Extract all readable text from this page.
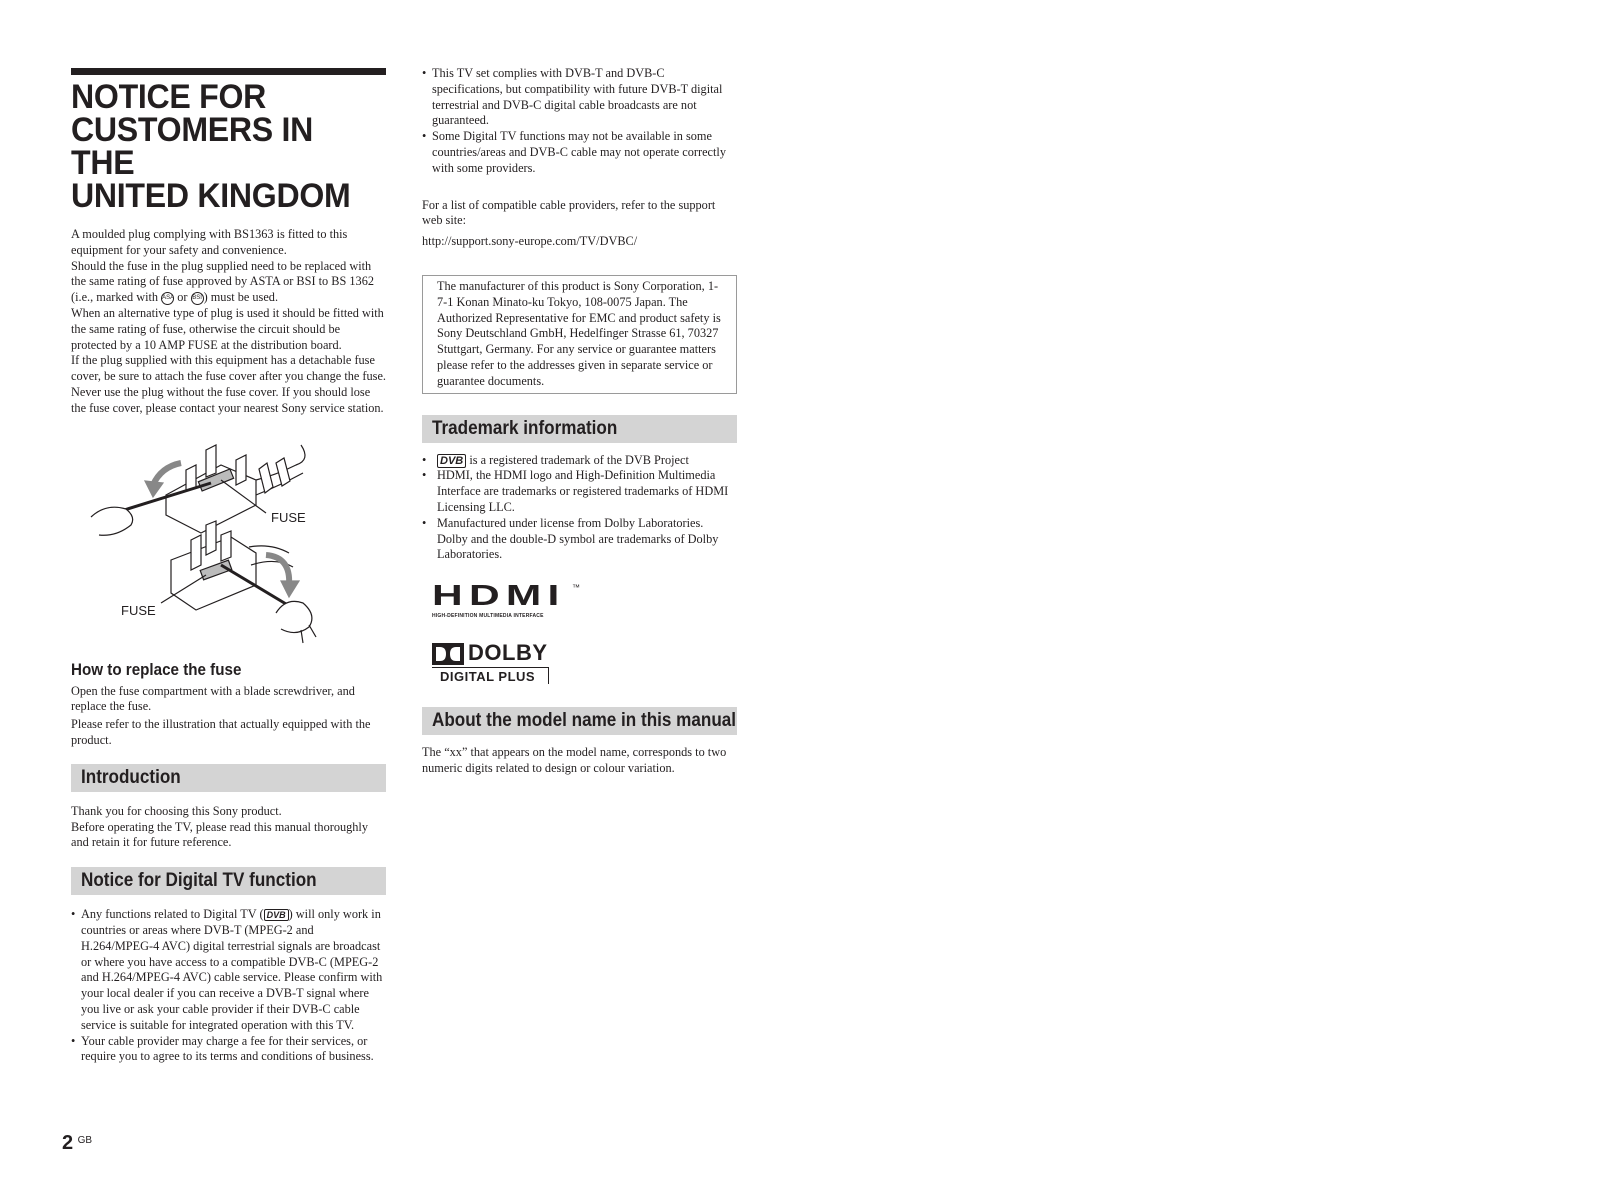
NOTICE FOR
CUSTOMERS IN THE
UNITED KINGDOM

A moulded plug complying with BS1363 is fitted to this equipment for your safety and convenience.

Should the fuse in the plug supplied need to be replaced with the same rating of fuse approved by ASTA or BSI to BS 1362 (i.e., marked with ASA or BSI ) must be used.

When an alternative type of plug is used it should be fitted with the same rating of fuse, otherwise the circuit should be protected by a 10 AMP FUSE at the distribution board.

If the plug supplied with this equipment has a detachable fuse cover, be sure to attach the fuse cover after you change the fuse. Never use the plug without the fuse cover. If you should lose the fuse cover, please contact your nearest Sony service station.

FUSE
FUSE
How to replace the fuse

Open the fuse compartment with a blade screwdriver, and replace the fuse.

Please refer to the illustration that actually equipped with the product.

Introduction

Thank you for choosing this Sony product.

Before operating the TV, please read this manual thoroughly and retain it for future reference.

Notice for Digital TV function
• Any functions related to Digital TV ( DVB ) will only work in countries or areas where DVB-T (MPEG-2 and H.264/MPEG-4 AVC) digital terrestrial signals are broadcast or where you have access to a compatible DVB-C (MPEG-2 and H.264/MPEG-4 AVC) cable service. Please confirm with your local dealer if you can receive a DVB-T signal where you live or ask your cable provider if their DVB-C cable service is suitable for integrated operation with this TV.
• Your cable provider may charge a fee for their services, or require you to agree to its terms and conditions of business.
• This TV set complies with DVB-T and DVB-C specifications, but compatibility with future DVB-T digital terrestrial and DVB-C digital cable broadcasts are not guaranteed.
• Some Digital TV functions may not be available in some countries/areas and DVB-C cable may not operate correctly with some providers.

For a list of compatible cable providers, refer to the support web site:

http://support.sony-europe.com/TV/DVBC/

The manufacturer of this product is Sony Corporation, 1-7-1 Konan Minato-ku Tokyo, 108-0075 Japan. The Authorized Representative for EMC and product safety is Sony Deutschland GmbH, Hedelfinger Strasse 61, 70327 Stuttgart, Germany. For any service or guarantee matters please refer to the addresses given in separate service or guarantee documents.

Trademark information
• DVB is a registered trademark of the DVB Project
• HDMI, the HDMI logo and High-Definition Multimedia Interface are trademarks or registered trademarks of HDMI Licensing LLC.
• Manufactured under license from Dolby Laboratories. Dolby and the double-D symbol are trademarks of Dolby Laboratories.
HDMI ™
HIGH-DEFINITION MULTIMEDIA INTERFACE
DOLBY
DIGITAL PLUS
About the model name in this manual

The “xx” that appears on the model name, corresponds to two numeric digits related to design or colour variation.

2 $^{GB}$
